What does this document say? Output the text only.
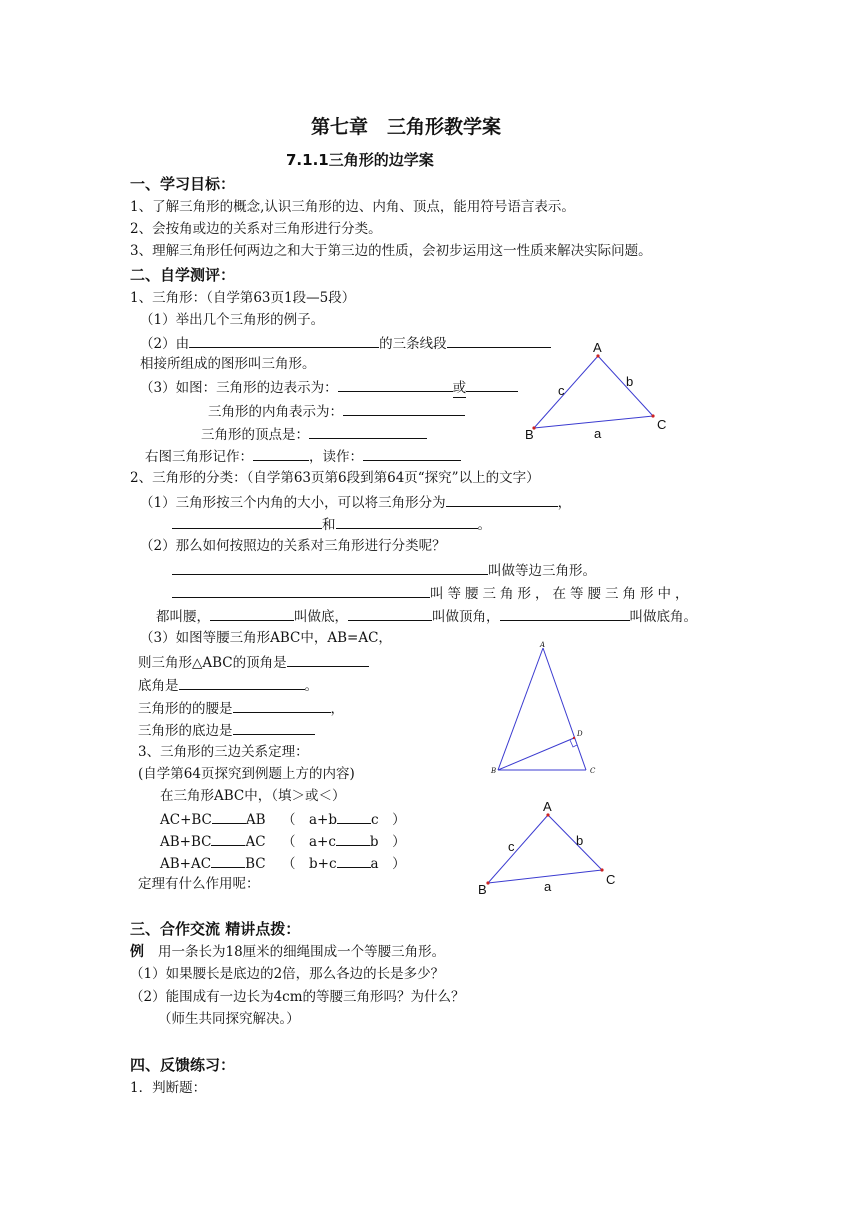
第七章　三角形教学案
7.1.1三角形的边学案
一、学习目标：
1、了解三角形的概念,认识三角形的边、内角、顶点，能用符号语言表示。
2、会按角或边的关系对三角形进行分类。
3、理解三角形任何两边之和大于第三边的性质，会初步运用这一性质来解决实际问题。
二、自学测评：
1、三角形：（自学第63页1段—5段）
（1）举出几个三角形的例子。
（2）由	的三条线段
相接所组成的图形叫三角形。
（3）如图：三角形的边表示为：	或
三角形的内角表示为：
三角形的顶点是：
右图三角形记作：	，读作：
2、三角形的分类：（自学第63页第6段到第64页“探究”以上的文字）
（1）三角形按三个内角的大小，可以将三角形分为	，
和	。
（2）那么如何按照边的关系对三角形进行分类呢？
叫做等边三角形。
叫等腰三角形，在等腰三角形中，
都叫腰，	叫做底，	叫做顶角，	叫做底角。
（3）如图等腰三角形ABC中，AB=AC，
则三角形△ABC的顶角是
底角是	。
三角形的的腰是	，
三角形的底边是
3、三角形的三边关系定理：
(自学第64页探究到例题上方的内容)
在三角形ABC中，（填＞或＜）
AC+BC	AB （　a+b	c　）
AB+BC	AC （　a+c	b　）
AB+AC	BC （　b+c	a　）
定理有什么作用呢：
三、合作交流 精讲点拨：
例 用一条长为18厘米的细绳围成一个等腰三角形。
（1）如果腰长是底边的2倍，那么各边的长是多少？
（2）能围成有一边长为4cm的等腰三角形吗？为什么？
（师生共同探究解决。）
四、反馈练习：
1．判断题：
A
B
C
c
b
a
A
B	C
D
A
B
C
c	b
a
